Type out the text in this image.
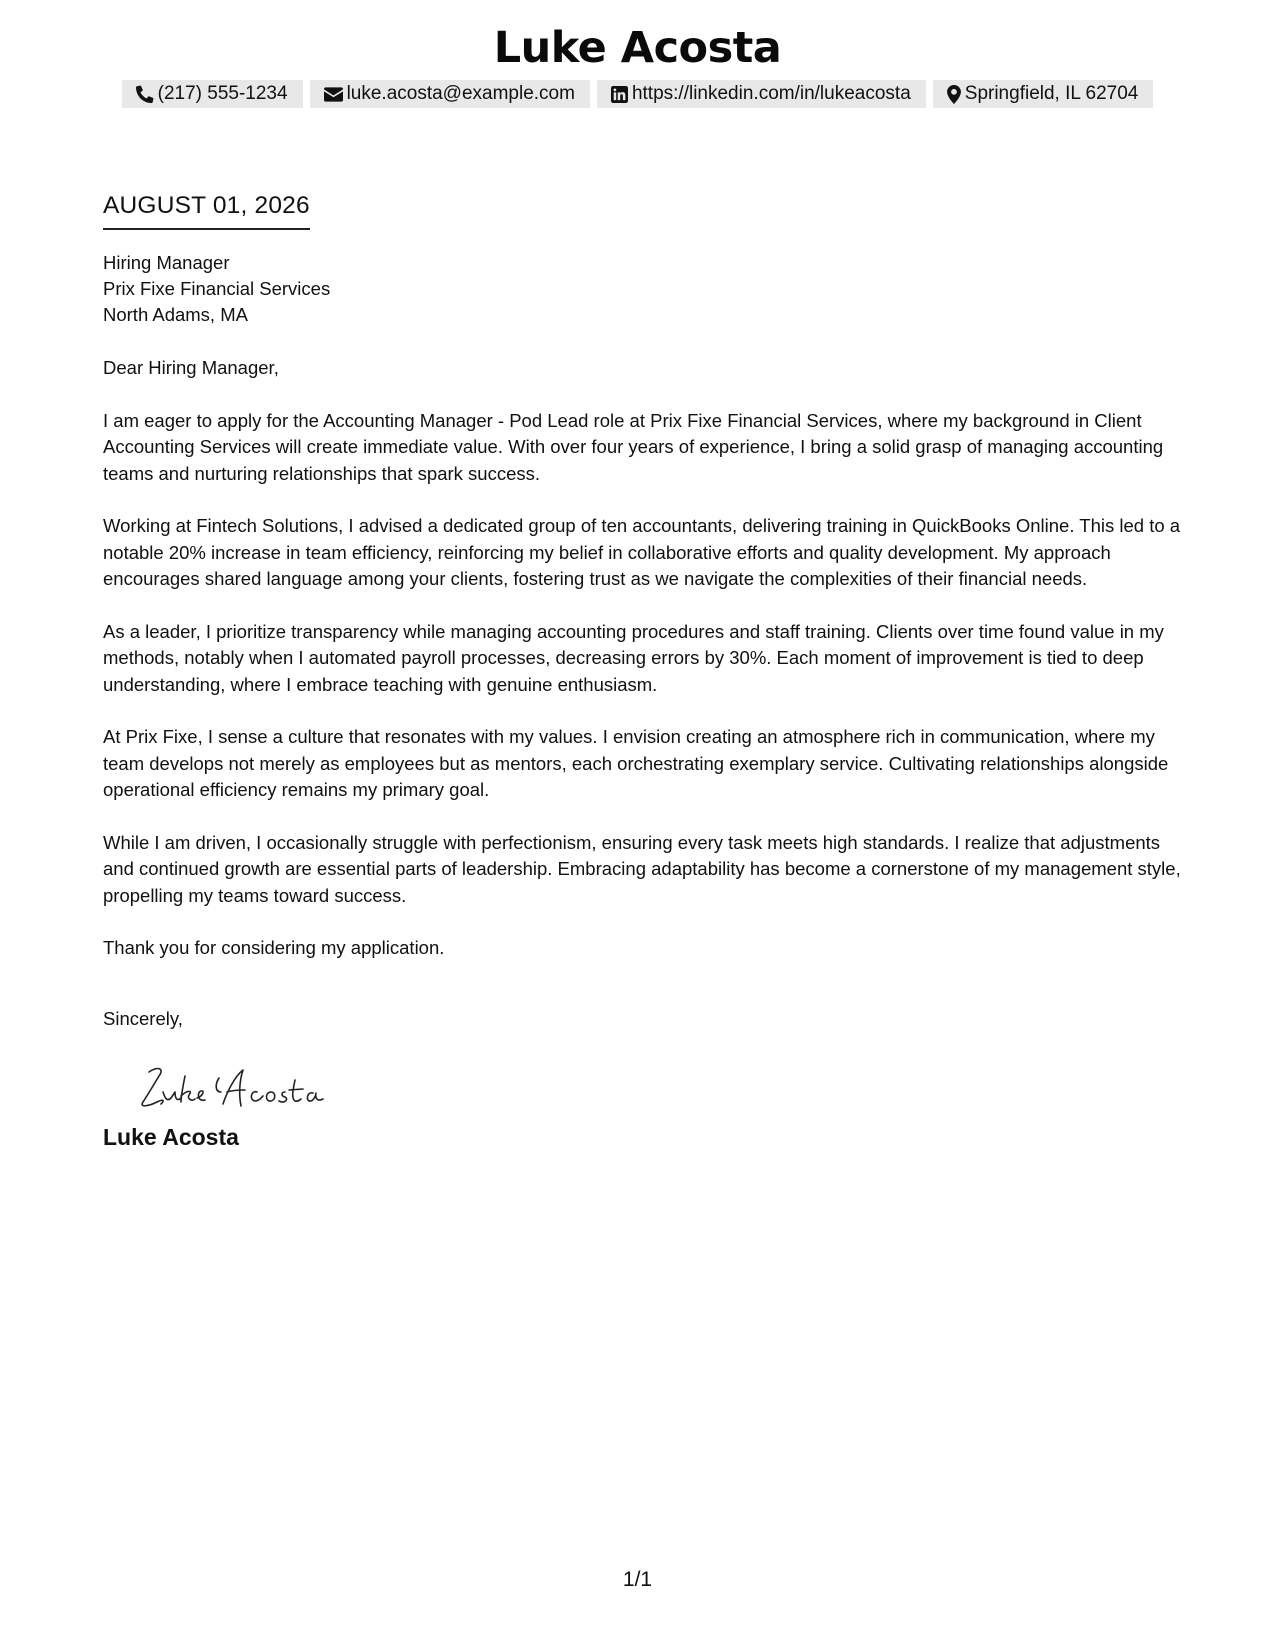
Luke Acosta
(217) 555-1234	luke.acosta@example.com	https://linkedin.com/in/lukeacosta	Springfield, IL 62704
AUGUST 01, 2026
Hiring Manager
Prix Fixe Financial Services
North Adams, MA
Dear Hiring Manager,

I am eager to apply for the Accounting Manager - Pod Lead role at Prix Fixe Financial Services, where my background in Client Accounting Services will create immediate value. With over four years of experience, I bring a solid grasp of managing accounting teams and nurturing relationships that spark success.

Working at Fintech Solutions, I advised a dedicated group of ten accountants, delivering training in QuickBooks Online. This led to a notable 20% increase in team efficiency, reinforcing my belief in collaborative efforts and quality development. My approach encourages shared language among your clients, fostering trust as we navigate the complexities of their financial needs.

As a leader, I prioritize transparency while managing accounting procedures and staff training. Clients over time found value in my methods, notably when I automated payroll processes, decreasing errors by 30%. Each moment of improvement is tied to deep understanding, where I embrace teaching with genuine enthusiasm.

At Prix Fixe, I sense a culture that resonates with my values. I envision creating an atmosphere rich in communication, where my team develops not merely as employees but as mentors, each orchestrating exemplary service. Cultivating relationships alongside operational efficiency remains my primary goal.

While I am driven, I occasionally struggle with perfectionism, ensuring every task meets high standards. I realize that adjustments and continued growth are essential parts of leadership. Embracing adaptability has become a cornerstone of my management style, propelling my teams toward success.

Thank you for considering my application.
Sincerely,
Luke Acosta
1/1
